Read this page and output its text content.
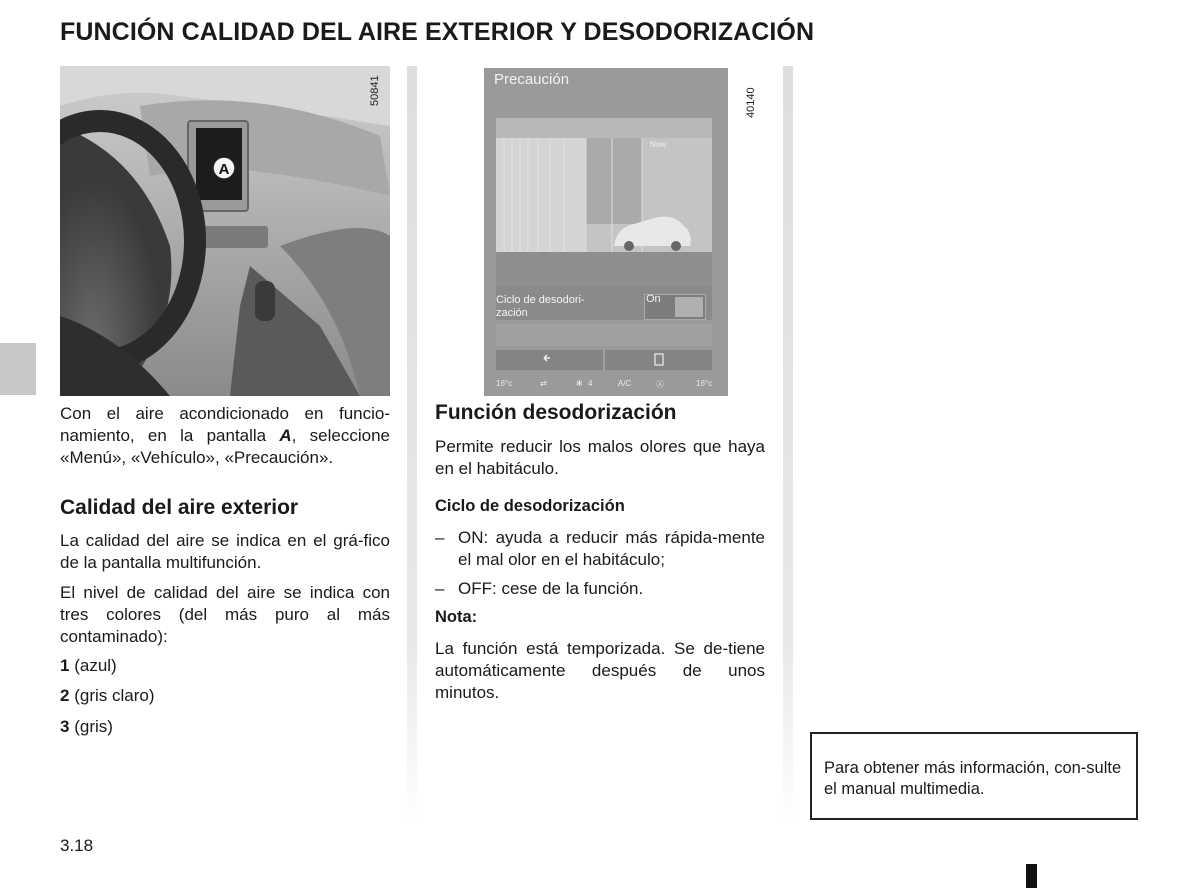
FUNCIÓN CALIDAD DEL AIRE EXTERIOR Y DESODORIZACIÓN
A
50841	Precaución
Now
Ciclo de desodori-zación
On
16°c	⇄	✻ 4	A/C	Ⓐ	16°c
40140
Con el aire acondicionado en funcio-namiento, en la pantalla A, seleccione «Menú», «Vehículo», «Precaución».
Calidad del aire exterior
La calidad del aire se indica en el grá-fico de la pantalla multifunción.
El nivel de calidad del aire se indica con tres colores (del más puro al más contaminado):
1 (azul)
2 (gris claro)
3 (gris)
Función desodorización
Permite reducir los malos olores que haya en el habitáculo.
Ciclo de desodorización
– ON: ayuda a reducir más rápida-mente el mal olor en el habitáculo;
– OFF: cese de la función.
Nota:
La función está temporizada. Se de-tiene automáticamente después de unos minutos.
Para obtener más información, con-sulte el manual multimedia.
3.18
